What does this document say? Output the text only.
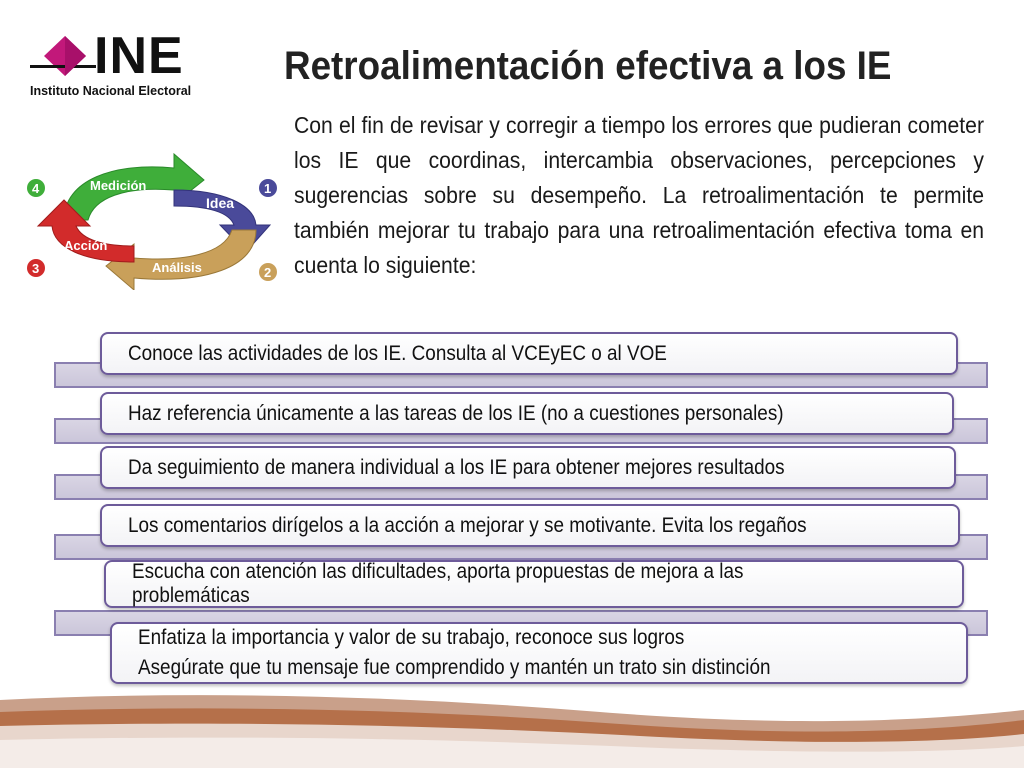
INE
Instituto Nacional Electoral
Retroalimentación efectiva a los IE

Con el fin de revisar y corregir a tiempo los errores que pudieran cometer los IE que coordinas, intercambia observaciones, percepciones y sugerencias sobre su desempeño. La retroalimentación te permite también mejorar tu trabajo para una retroalimentación efectiva toma en cuenta lo siguiente:

Medición
Idea
Análisis
Acción
4	1
2
3
Conoce las actividades de los IE. Consulta al VCEyEC o al VOE
Haz referencia únicamente a las tareas de los IE (no a cuestiones personales)
Da seguimiento de manera individual a los IE para obtener mejores resultados
Los comentarios dirígelos a la acción a mejorar y se motivante. Evita los regaños
Escucha con atención las dificultades, aporta propuestas de mejora a las
problemáticas
Enfatiza la importancia y valor de su trabajo, reconoce sus logros
Asegúrate que tu mensaje fue comprendido y mantén un trato sin distinción
